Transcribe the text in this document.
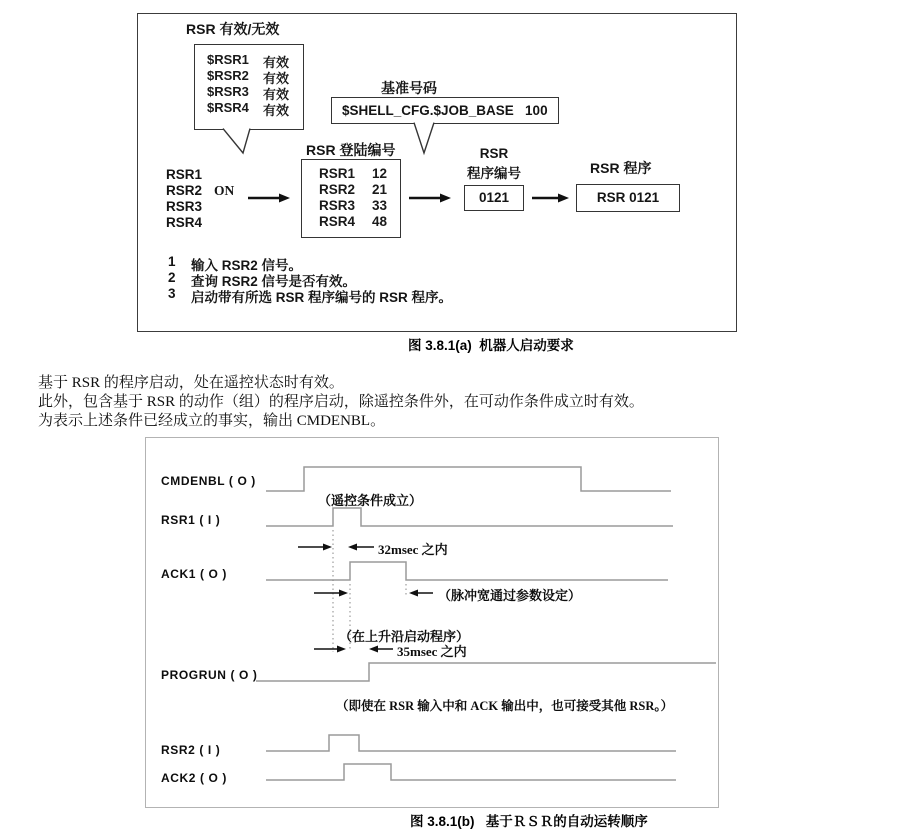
RSR 有效/无效
$RSR1 有效
$RSR2 有效
$RSR3 有效
$RSR4 有效
基准号码
$SHELL_CFG.$JOB_BASE   100
RSR 登陆编号
RSR1 12
RSR2 21
RSR3 33
RSR4 48
RSR1
RSR2
RSR3
RSR4
ON
RSR
程序编号
0121
RSR 程序
RSR 0121
1 输入 RSR2 信号。
2 查询 RSR2 信号是否有效。
3 启动带有所选 RSR 程序编号的 RSR 程序。
图 3.8.1(a)  机器人启动要求
基于 RSR 的程序启动，处在遥控状态时有效。
此外，包含基于 RSR 的动作（组）的程序启动，除遥控条件外，在可动作条件成立时有效。
为表示上述条件已经成立的事实，输出 CMDENBL。
CMDENBL ( O )
RSR1 ( I )
ACK1 ( O )
PROGRUN ( O )
RSR2 ( I )
ACK2 ( O )
（遥控条件成立）
32msec 之内
（脉冲宽通过参数设定）
（在上升沿启动程序）
35msec 之内
（即使在 RSR 输入中和 ACK 输出中，也可接受其他 RSR。）
图 3.8.1(b)   基于ＲＳＲ的自动运转顺序
